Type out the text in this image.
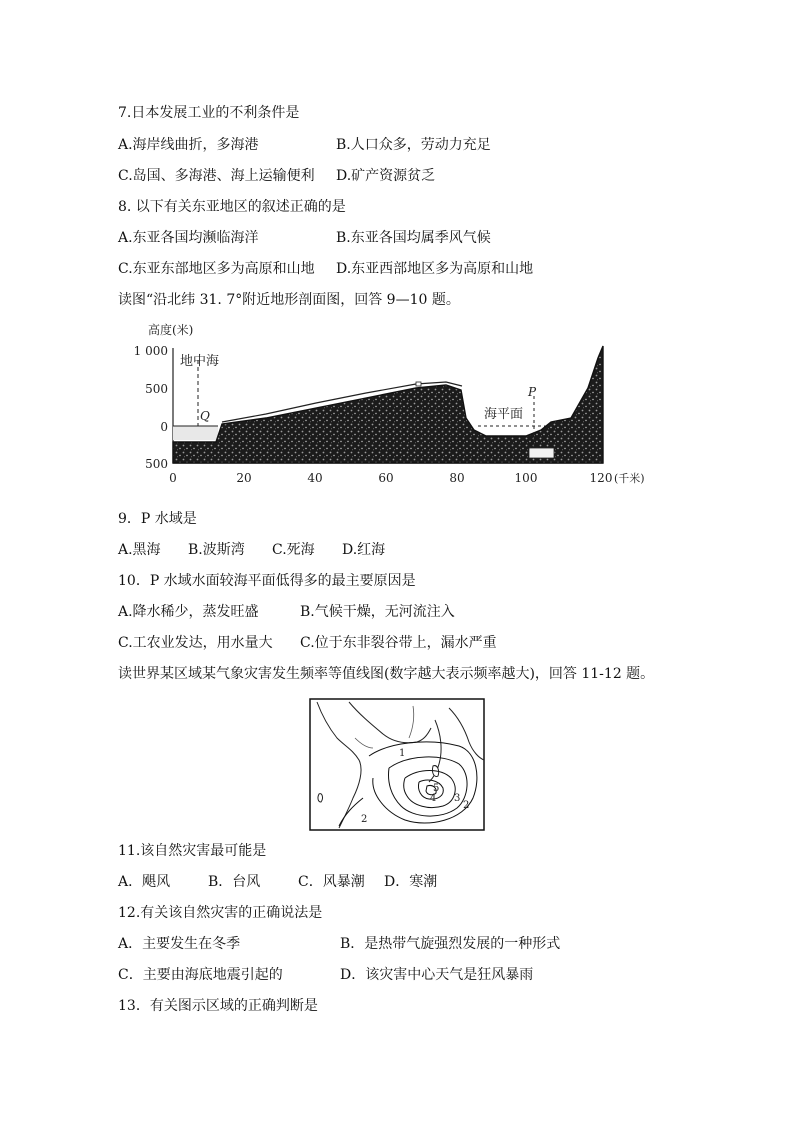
7.日本发展工业的不利条件是
A.海岸线曲折，多海港	B.人口众多，劳动力充足
C.岛国、多海港、海上运输便利 D.矿产资源贫乏
8. 以下有关东亚地区的叙述正确的是
A.东亚各国均濒临海洋	B.东亚各国均属季风气候
C.东亚东部地区多为高原和山地 D.东亚西部地区多为高原和山地
读图“沿北纬 31. 7°附近地形剖面图，回答 9—10 题。
高度(米)
1 000
500
0
500
地中海
Q
P
海平面
0	20	40	60	80	100	120 (千米)
9．P 水域是
A.黑海 B.波斯湾 C.死海 D.红海
10．P 水域水面较海平面低得多的最主要原因是
A.降水稀少，蒸发旺盛	B.气候干燥，无河流注入
C.工农业发达，用水量大 C.位于东非裂谷带上，漏水严重
读世界某区域某气象灾害发生频率等值线图(数字越大表示频率越大)，回答 11-12 题。
1
2
3
4
5
2
11.该自然灾害最可能是
A．飓风	B．台风	C．风暴潮 D．寒潮
12.有关该自然灾害的正确说法是
A．主要发生在冬季	B．是热带气旋强烈发展的一种形式
C．主要由海底地震引起的	D．该灾害中心天气是狂风暴雨
13．有关图示区域的正确判断是
